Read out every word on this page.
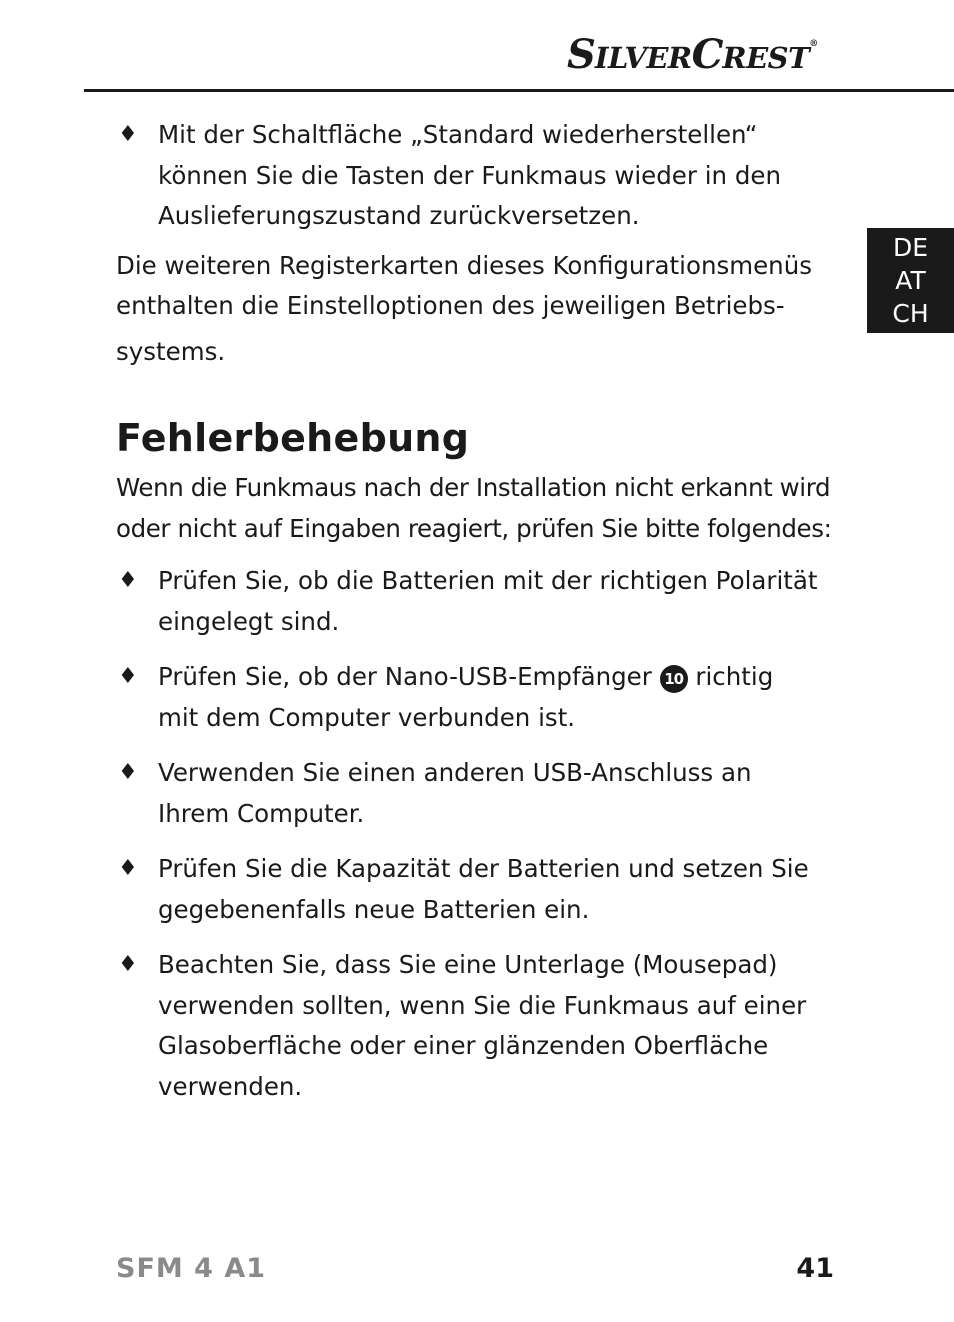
SILVERCREST®
DE
AT
CH
♦ Mit der Schaltfläche „Standard wiederherstellen“
können Sie die Tasten der Funkmaus wieder in den
Auslieferungszustand zurückversetzen.
Die weiteren Registerkarten dieses Konfigurationsmenüs
enthalten die Einstelloptionen des jeweiligen Betriebs-
systems.
Fehlerbehebung
Wenn die Funkmaus nach der Installation nicht erkannt wird
oder nicht auf Eingaben reagiert, prüfen Sie bitte folgendes:
♦ Prüfen Sie, ob die Batterien mit der richtigen Polarität
eingelegt sind.
♦ Prüfen Sie, ob der Nano-USB-Empfänger 10 richtig
mit dem Computer verbunden ist.
♦ Verwenden Sie einen anderen USB-Anschluss an
Ihrem Computer.
♦ Prüfen Sie die Kapazität der Batterien und setzen Sie
gegebenenfalls neue Batterien ein.
♦ Beachten Sie, dass Sie eine Unterlage (Mousepad)
verwenden sollten, wenn Sie die Funkmaus auf einer
Glasoberfläche oder einer glänzenden Oberfläche
verwenden.
SFM 4 A1	41
